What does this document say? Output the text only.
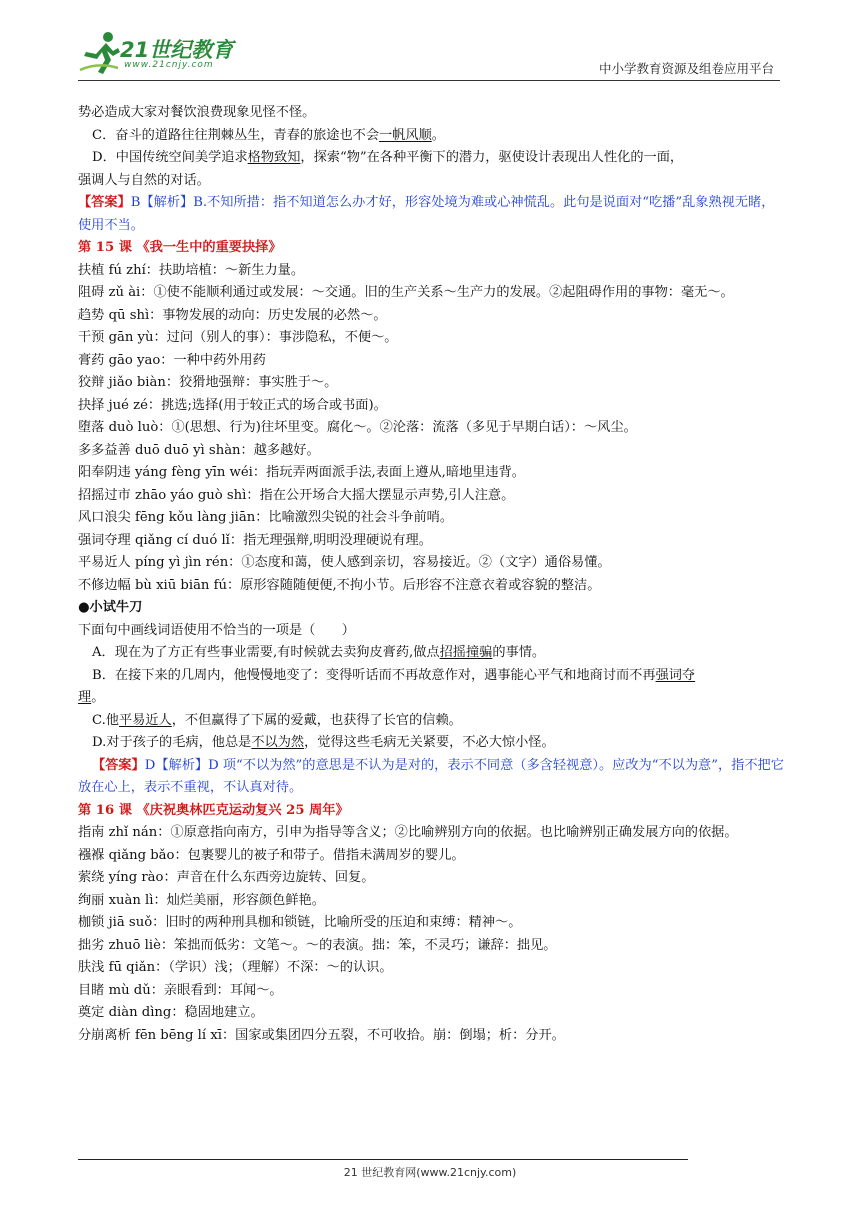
21世纪教育
www.21cnjy.com	中小学教育资源及组卷应用平台

势必造成大家对餐饮浪费现象见怪不怪。

C．奋斗的道路往往荆棘丛生，青春的旅途也不会一帆风顺。

D．中国传统空间美学追求格物致知，探索“物”在各种平衡下的潜力，驱使设计表现出人性化的一面，

强调人与自然的对话。

【答案】B【解析】B.不知所措：指不知道怎么办才好，形容处境为难或心神慌乱。此句是说面对“吃播”乱象熟视无睹，使用不当。

第 15 课 《我一生中的重要抉择》

扶植 fú zhí：扶助培植：～新生力量。

阻碍 zǔ ài：①使不能顺利通过或发展：～交通。旧的生产关系～生产力的发展。②起阻碍作用的事物：毫无～。

趋势 qū shì：事物发展的动向：历史发展的必然～。

干预 gān yù：过问（别人的事）：事涉隐私，不便～。

膏药 gāo yao：一种中药外用药

狡辩 jiǎo biàn：狡猾地强辩：事实胜于～。

抉择 jué zé：挑选;选择(用于较正式的场合或书面)。

堕落 duò luò：①(思想、行为)往坏里变。腐化～。②沦落：流落（多见于早期白话）：～风尘。

多多益善 duō duō yì shàn：越多越好。

阳奉阴违 yáng fèng yīn wéi：指玩弄两面派手法,表面上遵从,暗地里违背。

招摇过市 zhāo yáo guò shì：指在公开场合大摇大摆显示声势,引人注意。

风口浪尖 fēng kǒu làng jiān：比喻激烈尖锐的社会斗争前哨。

强词夺理 qiǎng cí duó lǐ：指无理强辩,明明没理硬说有理。

平易近人 píng yì jìn rén：①态度和蔼，使人感到亲切，容易接近。②（文字）通俗易懂。

不修边幅 bù xiū biān fú：原形容随随便便,不拘小节。后形容不注意衣着或容貌的整洁。

●小试牛刀

下面句中画线词语使用不恰当的一项是（　　）

A．现在为了方正有些事业需要,有时候就去卖狗皮膏药,做点招摇撞骗的事情。

B．在接下来的几周内，他慢慢地变了：变得听话而不再故意作对，遇事能心平气和地商讨而不再强词夺
理。

C.他平易近人，不但赢得了下属的爱戴，也获得了长官的信赖。

D.对于孩子的毛病，他总是不以为然，觉得这些毛病无关紧要，不必大惊小怪。

【答案】D【解析】D 项“不以为然”的意思是不认为是对的，表示不同意（多含轻视意）。应改为“不以为意”，指不把它放在心上，表示不重视，不认真对待。

第 16 课 《庆祝奥林匹克运动复兴 25 周年》

指南 zhǐ nán：①原意指向南方，引申为指导等含义；②比喻辨别方向的依据。也比喻辨别正确发展方向的依据。

襁褓 qiǎng bǎo：包裹婴儿的被子和带子。借指未满周岁的婴儿。

萦绕 yíng rào：声音在什么东西旁边旋转、回复。

绚丽 xuàn lì：灿烂美丽，形容颜色鲜艳。

枷锁 jiā suǒ：旧时的两种刑具枷和锁链，比喻所受的压迫和束缚：精神～。

拙劣 zhuō liè：笨拙而低劣：文笔～。～的表演。拙：笨，不灵巧；谦辞：拙见。

肤浅 fū qiǎn：（学识）浅；（理解）不深：～的认识。

目睹 mù dǔ：亲眼看到：耳闻～。

奠定 diàn dìng：稳固地建立。

分崩离析 fēn bēng lí xī：国家或集团四分五裂，不可收拾。崩：倒塌；析：分开。

21 世纪教育网(www.21cnjy.com)
